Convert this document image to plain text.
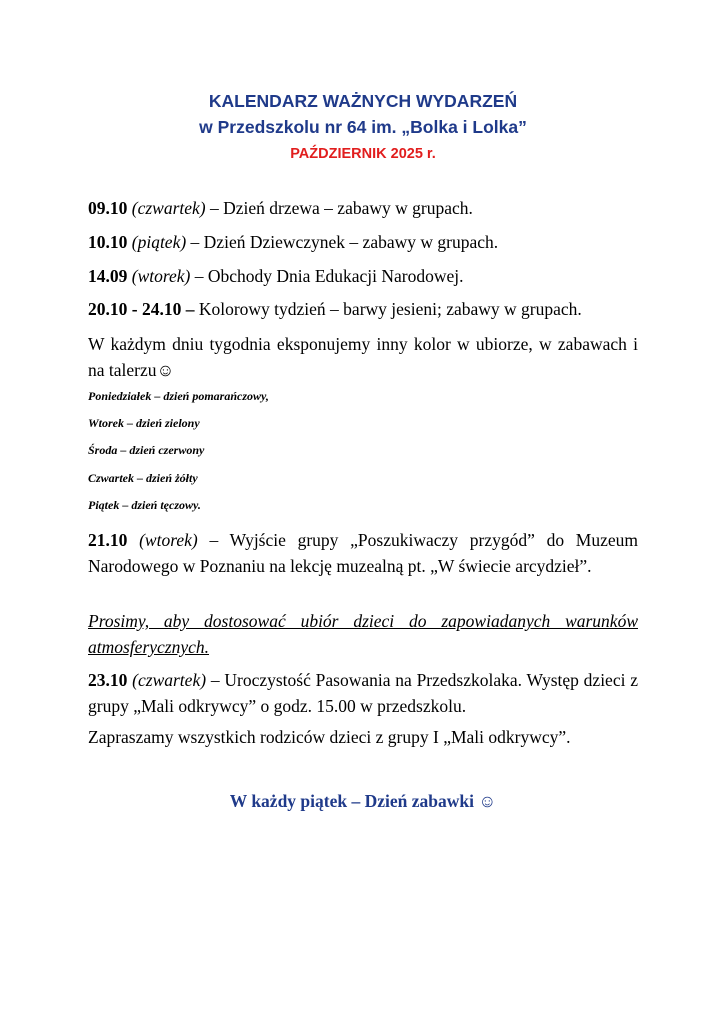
KALENDARZ WAŻNYCH WYDARZEŃ
w Przedszkolu nr 64 im. „Bolka i Lolka”
PAŹDZIERNIK 2025 r.

09.10 (czwartek) – Dzień drzewa – zabawy w grupach.

10.10 (piątek) – Dzień Dziewczynek – zabawy w grupach.

14.09 (wtorek) – Obchody Dnia Edukacji Narodowej.

20.10 - 24.10 – Kolorowy tydzień – barwy jesieni; zabawy w grupach.

W każdym dniu tygodnia eksponujemy inny kolor w ubiorze, w zabawach i na talerzu☺

Poniedziałek – dzień pomarańczowy,
Wtorek – dzień zielony
Środa – dzień czerwony
Czwartek – dzień żółty
Piątek – dzień tęczowy.

21.10 (wtorek) – Wyjście grupy „Poszukiwaczy przygód” do Muzeum Narodowego w Poznaniu na lekcję muzealną pt. „W świecie arcydzieł”.

Prosimy, aby dostosować ubiór dzieci do zapowiadanych warunków atmosferycznych.

23.10 (czwartek) – Uroczystość Pasowania na Przedszkolaka. Występ dzieci z grupy „Mali odkrywcy” o godz. 15.00 w przedszkolu.

Zapraszamy wszystkich rodziców dzieci z grupy I „Mali odkrywcy”.

W każdy piątek – Dzień zabawki ☺
